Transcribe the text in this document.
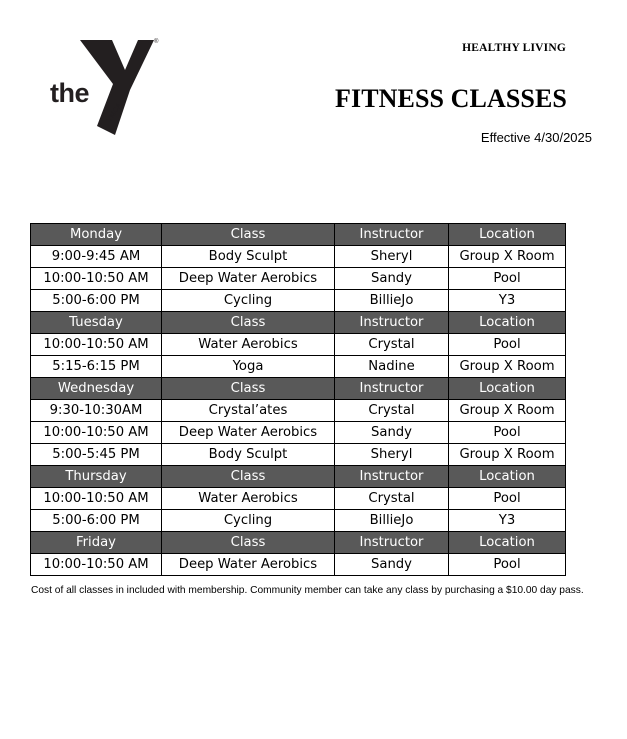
the
®
YMCA
HEALTHY LIVING
FITNESS CLASSES
Effective 4/30/2025
Monday	Class	Instructor	Location
9:00-9:45 AM	Body Sculpt	Sheryl	Group X Room
10:00-10:50 AM	Deep Water Aerobics	Sandy	Pool
5:00-6:00 PM	Cycling	BillieJo	Y3
Tuesday	Class	Instructor	Location
10:00-10:50 AM	Water Aerobics	Crystal	Pool
5:15-6:15 PM	Yoga	Nadine	Group X Room
Wednesday	Class	Instructor	Location
9:30-10:30AM	Crystal’ates	Crystal	Group X Room
10:00-10:50 AM	Deep Water Aerobics	Sandy	Pool
5:00-5:45 PM	Body Sculpt	Sheryl	Group X Room
Thursday	Class	Instructor	Location
10:00-10:50 AM	Water Aerobics	Crystal	Pool
5:00-6:00 PM	Cycling	BillieJo	Y3
Friday	Class	Instructor	Location
10:00-10:50 AM	Deep Water Aerobics	Sandy	Pool
Cost of all classes in included with membership. Community member can take any class by purchasing a $10.00 day pass.
